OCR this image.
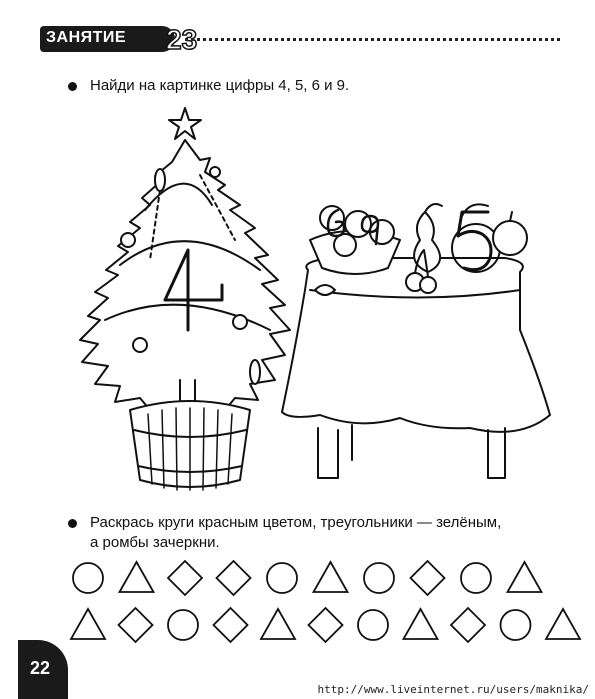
ЗАНЯТИЕ 23
Найди на картинке цифры 4, 5, 6 и 9.
Раскрась круги красным цветом, треугольники — зелёным,
а ромбы зачеркни.
22
http://www.liveinternet.ru/users/maknika/
